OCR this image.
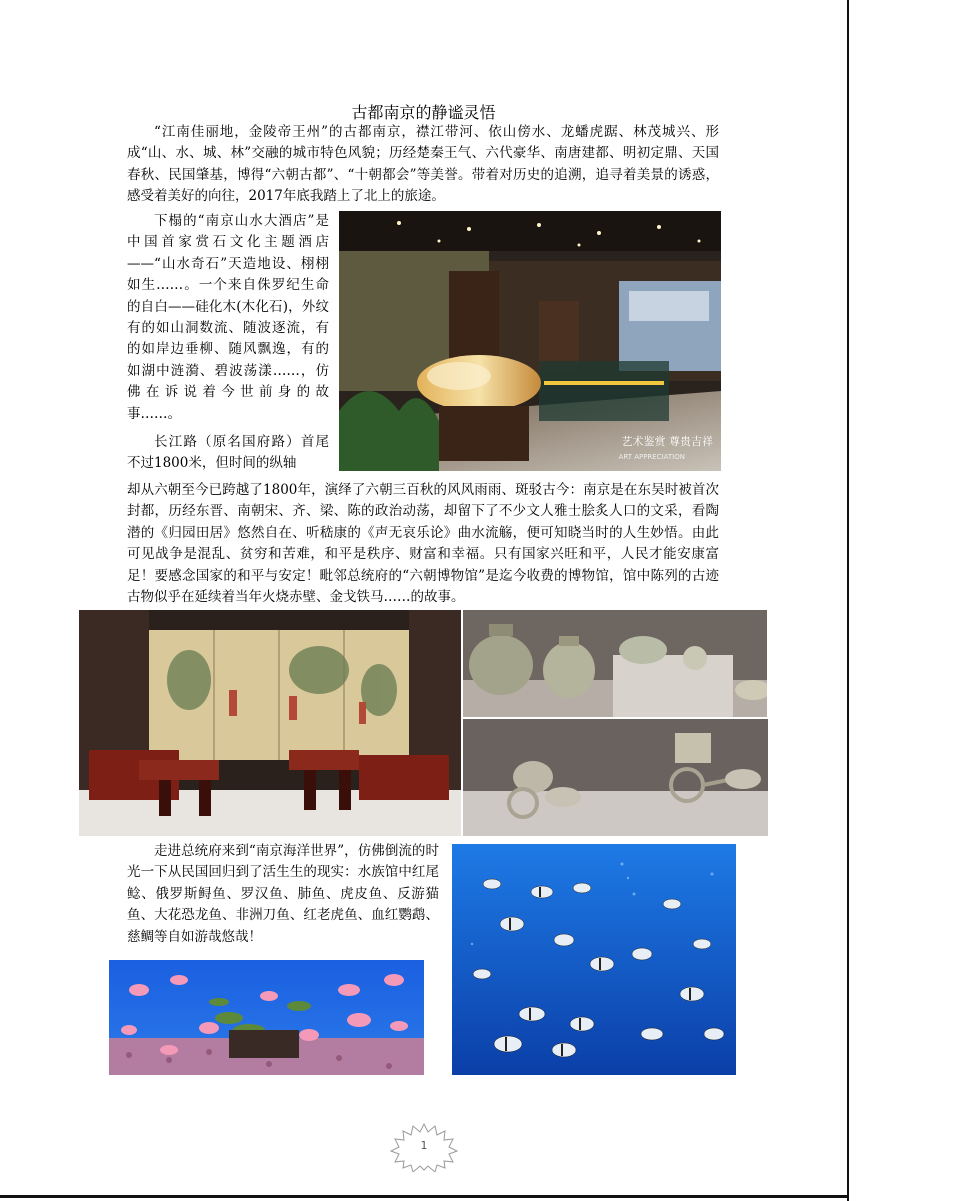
古都南京的静谧灵悟

“江南佳丽地，金陵帝王州”的古都南京，襟江带河、依山傍水、龙蟠虎踞、林茂城兴、形成“山、水、城、林”交融的城市特色风貌；历经楚秦王气、六代豪华、南唐建都、明初定鼎、天国春秋、民国肇基，博得“六朝古都”、“十朝都会”等美誉。带着对历史的追溯，追寻着美景的诱惑，感受着美好的向往，2017年底我踏上了北上的旅途。

下榻的“南京山水大酒店”是中国首家赏石文化主题酒店——“山水奇石”天造地设、栩栩如生……。一个来自侏罗纪生命的自白——硅化木(木化石)，外纹有的如山洞数流、随波逐流，有的如岸边垂柳、随风飘逸，有的如湖中涟漪、碧波荡漾……，仿佛在诉说着今世前身的故事……。

长江路（原名国府路）首尾不过1800米，但时间的纵轴

却从六朝至今已跨越了1800年，演绎了六朝三百秋的风风雨雨、斑驳古今：南京是在东吴时被首次封都，历经东晋、南朝宋、齐、梁、陈的政治动荡，却留下了不少文人雅士脍炙人口的文采，看陶潜的《归园田居》悠然自在、听嵇康的《声无哀乐论》曲水流觞，便可知晓当时的人生妙悟。由此可见战争是混乱、贫穷和苦难，和平是秩序、财富和幸福。只有国家兴旺和平，人民才能安康富足！要感念国家的和平与安定！毗邻总统府的“六朝博物馆”是迄今收费的博物馆，馆中陈列的古迹古物似乎在延续着当年火烧赤壁、金戈铁马……的故事。

走进总统府来到“南京海洋世界”，仿佛倒流的时光一下从民国回归到了活生生的现实：水族馆中红尾鲶、俄罗斯鲟鱼、罗汉鱼、肺鱼、虎皮鱼、反游猫鱼、大花恐龙鱼、非洲刀鱼、红老虎鱼、血红鹦鹉、慈鲷等自如游哉悠哉！

艺术鉴赏 尊贵吉祥
ART APPRECIATION
1
